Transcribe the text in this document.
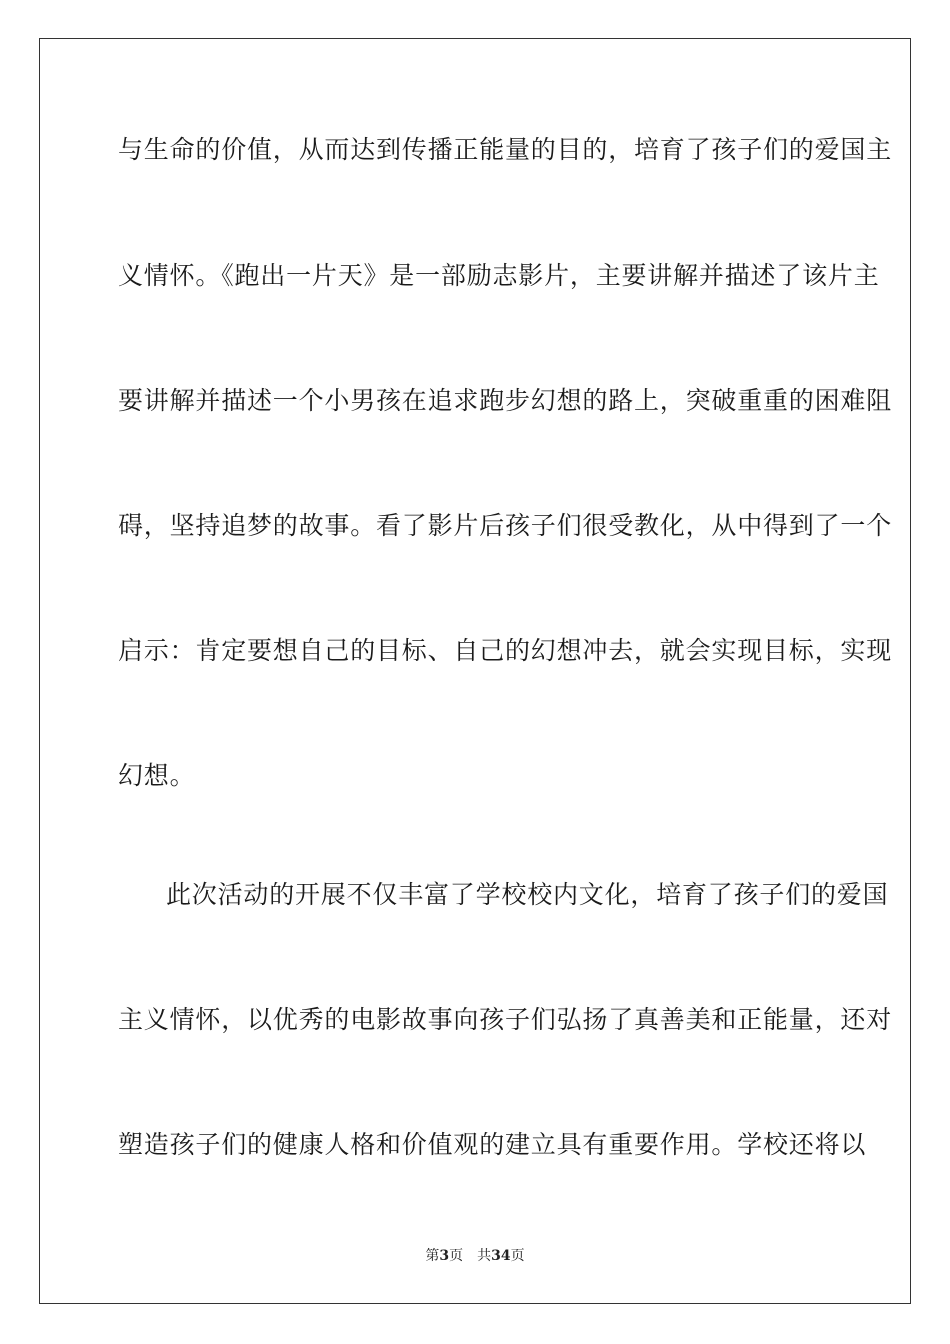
与生命的价值，从而达到传播正能量的目的，培育了孩子们的爱国主
义情怀。《跑出一片天》是一部励志影片，主要讲解并描述了该片主
要讲解并描述一个小男孩在追求跑步幻想的路上，突破重重的困难阻
碍，坚持追梦的故事。看了影片后孩子们很受教化，从中得到了一个
启示：肯定要想自己的目标、自己的幻想冲去，就会实现目标，实现
幻想。
此次活动的开展不仅丰富了学校校内文化，培育了孩子们的爱国
主义情怀，以优秀的电影故事向孩子们弘扬了真善美和正能量，还对
塑造孩子们的健康人格和价值观的建立具有重要作用。学校还将以
第3页 共34页
